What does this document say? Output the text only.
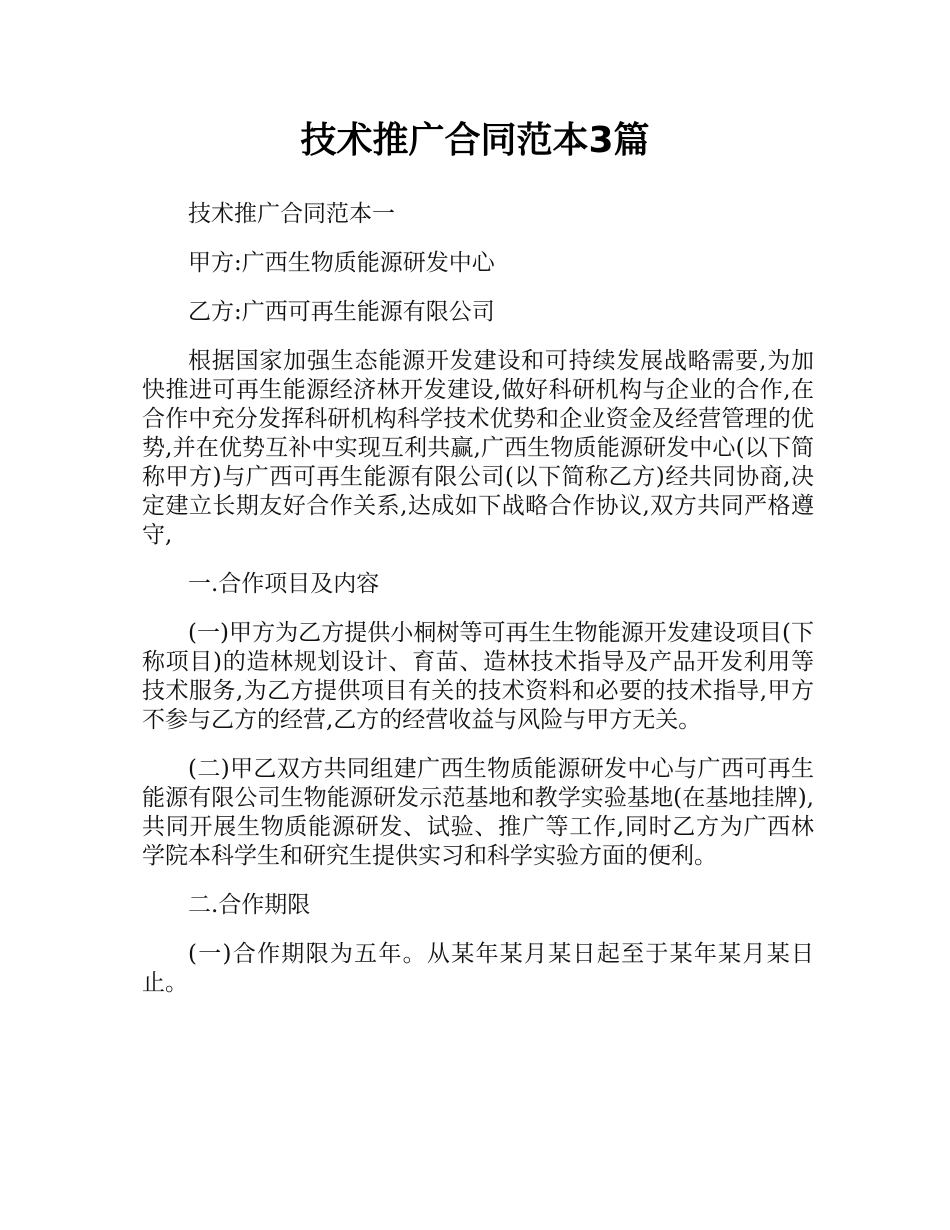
技术推广合同范本3篇

技术推广合同范本一

甲方:广西生物质能源研发中心

乙方:广西可再生能源有限公司

根据国家加强生态能源开发建设和可持续发展战略需要,为加快推进可再生能源经济林开发建设,做好科研机构与企业的合作,在合作中充分发挥科研机构科学技术优势和企业资金及经营管理的优势,并在优势互补中实现互利共赢,广西生物质能源研发中心(以下简称甲方)与广西可再生能源有限公司(以下简称乙方)经共同协商,决定建立长期友好合作关系,达成如下战略合作协议,双方共同严格遵守,

一.合作项目及内容

(一)甲方为乙方提供小桐树等可再生生物能源开发建设项目(下称项目)的造林规划设计、育苗、造林技术指导及产品开发利用等技术服务,为乙方提供项目有关的技术资料和必要的技术指导,甲方不参与乙方的经营,乙方的经营收益与风险与甲方无关。

(二)甲乙双方共同组建广西生物质能源研发中心与广西可再生能源有限公司生物能源研发示范基地和教学实验基地(在基地挂牌),共同开展生物质能源研发、试验、推广等工作,同时乙方为广西林学院本科学生和研究生提供实习和科学实验方面的便利。

二.合作期限

(一)合作期限为五年。从某年某月某日起至于某年某月某日止。
